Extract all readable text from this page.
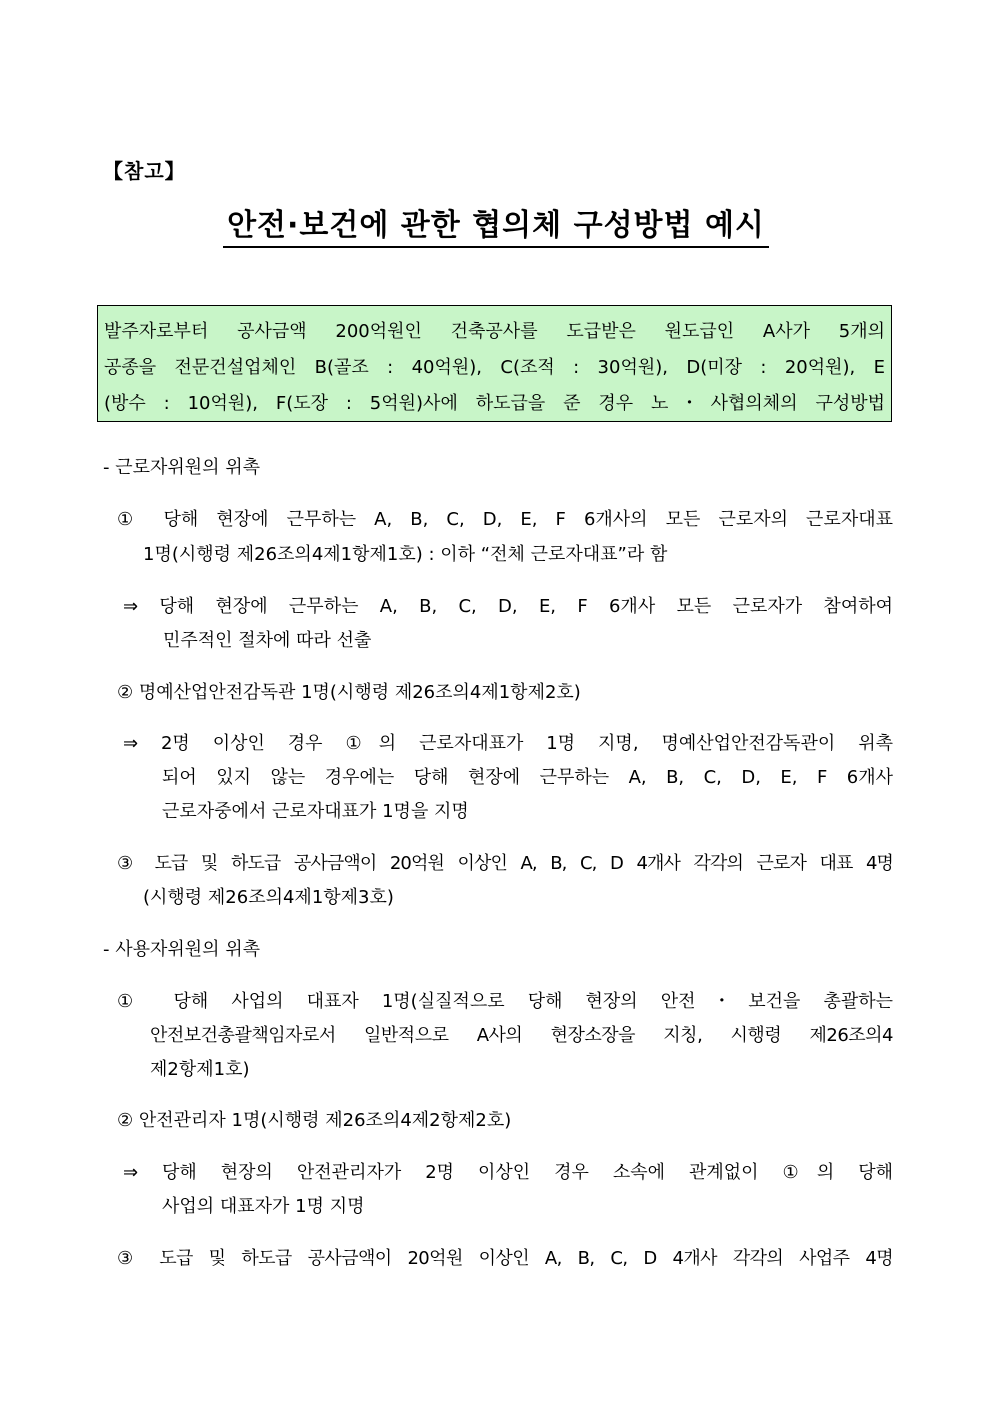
【참고】
안전·보건에 관한 협의체 구성방법 예시
발주자로부터 공사금액 200억원인 건축공사를 도급받은 원도급인 A사가 5개의
공종을 전문건설업체인 B(골조 : 40억원), C(조적 : 30억원), D(미장 : 20억원), E
(방수 : 10억원), F(도장 : 5억원)사에 하도급을 준 경우 노・사협의체의 구성방법
- 근로자위원의 위촉
① 당해 현장에 근무하는 A, B, C, D, E, F 6개사의 모든 근로자의 근로자대표
1명(시행령 제26조의4제1항제1호) : 이하 “전체 근로자대표”라 함
⇒ 당해 현장에 근무하는 A, B, C, D, E, F 6개사 모든 근로자가 참여하여
민주적인 절차에 따라 선출
② 명예산업안전감독관 1명(시행령 제26조의4제1항제2호)
⇒ 2명 이상인 경우 ①의 근로자대표가 1명 지명, 명예산업안전감독관이 위촉
되어 있지 않는 경우에는 당해 현장에 근무하는 A, B, C, D, E, F 6개사
근로자중에서 근로자대표가 1명을 지명
③ 도급 및 하도급 공사금액이 20억원 이상인 A, B, C, D 4개사 각각의 근로자 대표 4명
(시행령 제26조의4제1항제3호)
- 사용자위원의 위촉
① 당해 사업의 대표자 1명(실질적으로 당해 현장의 안전・보건을 총괄하는
안전보건총괄책임자로서 일반적으로 A사의 현장소장을 지칭, 시행령 제26조의4
제2항제1호)
② 안전관리자 1명(시행령 제26조의4제2항제2호)
⇒ 당해 현장의 안전관리자가 2명 이상인 경우 소속에 관계없이 ①의 당해
사업의 대표자가 1명 지명
③ 도급 및 하도급 공사금액이 20억원 이상인 A, B, C, D 4개사 각각의 사업주 4명
